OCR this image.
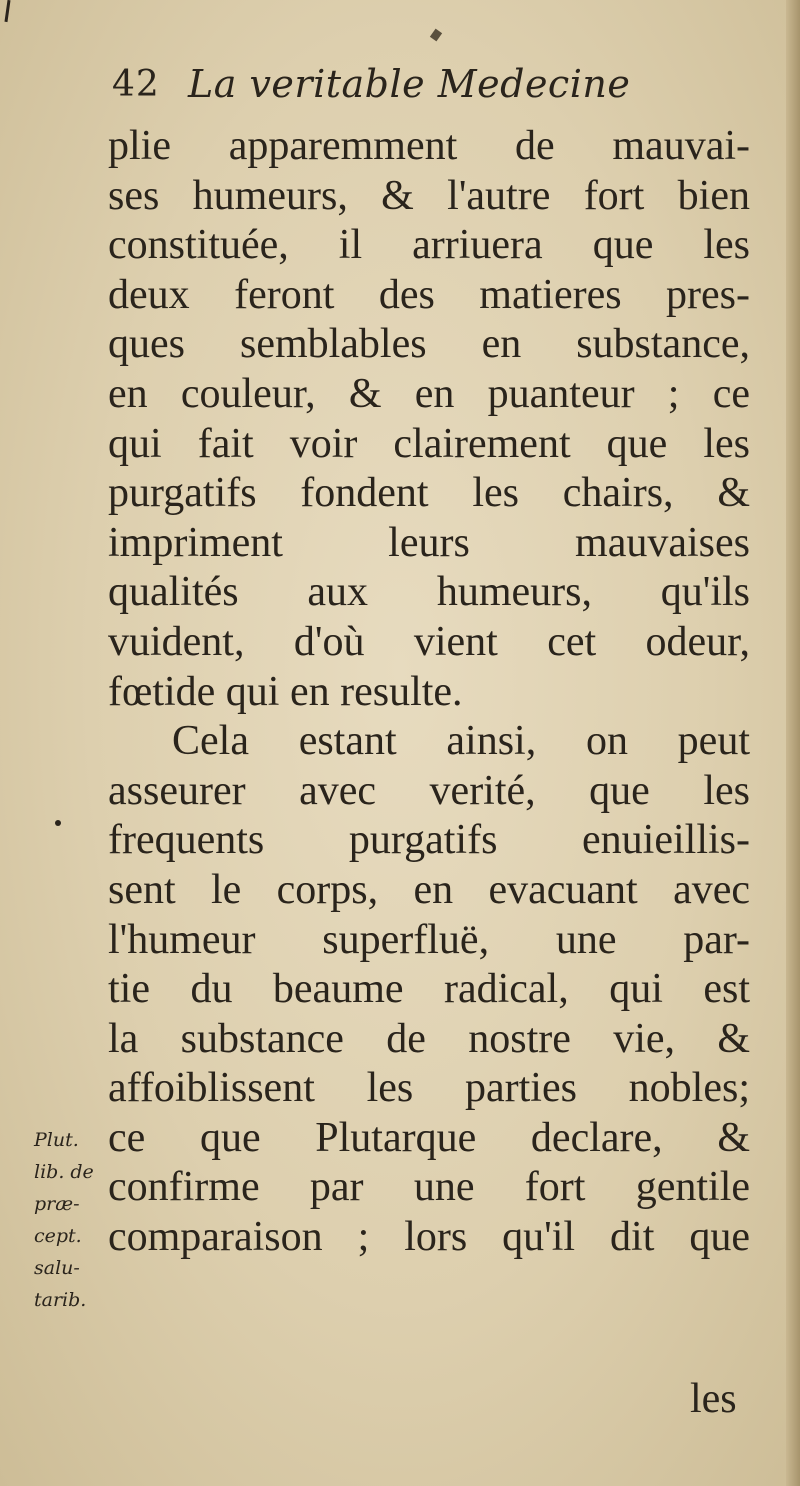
42 La veritable Medecine
plie apparemment de mauvai-
ses humeurs, & l'autre fort bien
constituée, il arriuera que les
deux feront des matieres pres-
ques semblables en substance,
en couleur, & en puanteur ; ce
qui fait voir clairement que les
purgatifs fondent les chairs, &
impriment leurs mauvaises
qualités aux humeurs, qu'ils
vuident, d'où vient cet odeur,
fœtide qui en resulte.
Cela estant ainsi, on peut
asseurer avec verité, que les
frequents purgatifs enuieillis-
sent le corps, en evacuant avec
l'humeur superfluë, une par-
tie du beaume radical, qui est
la substance de nostre vie, &
affoiblissent les parties nobles;
ce que Plutarque declare, &
confirme par une fort gentile
comparaison ; lors qu'il dit que
les
Plut.
lib. de
præ-
cept.
salu-
tarib.
